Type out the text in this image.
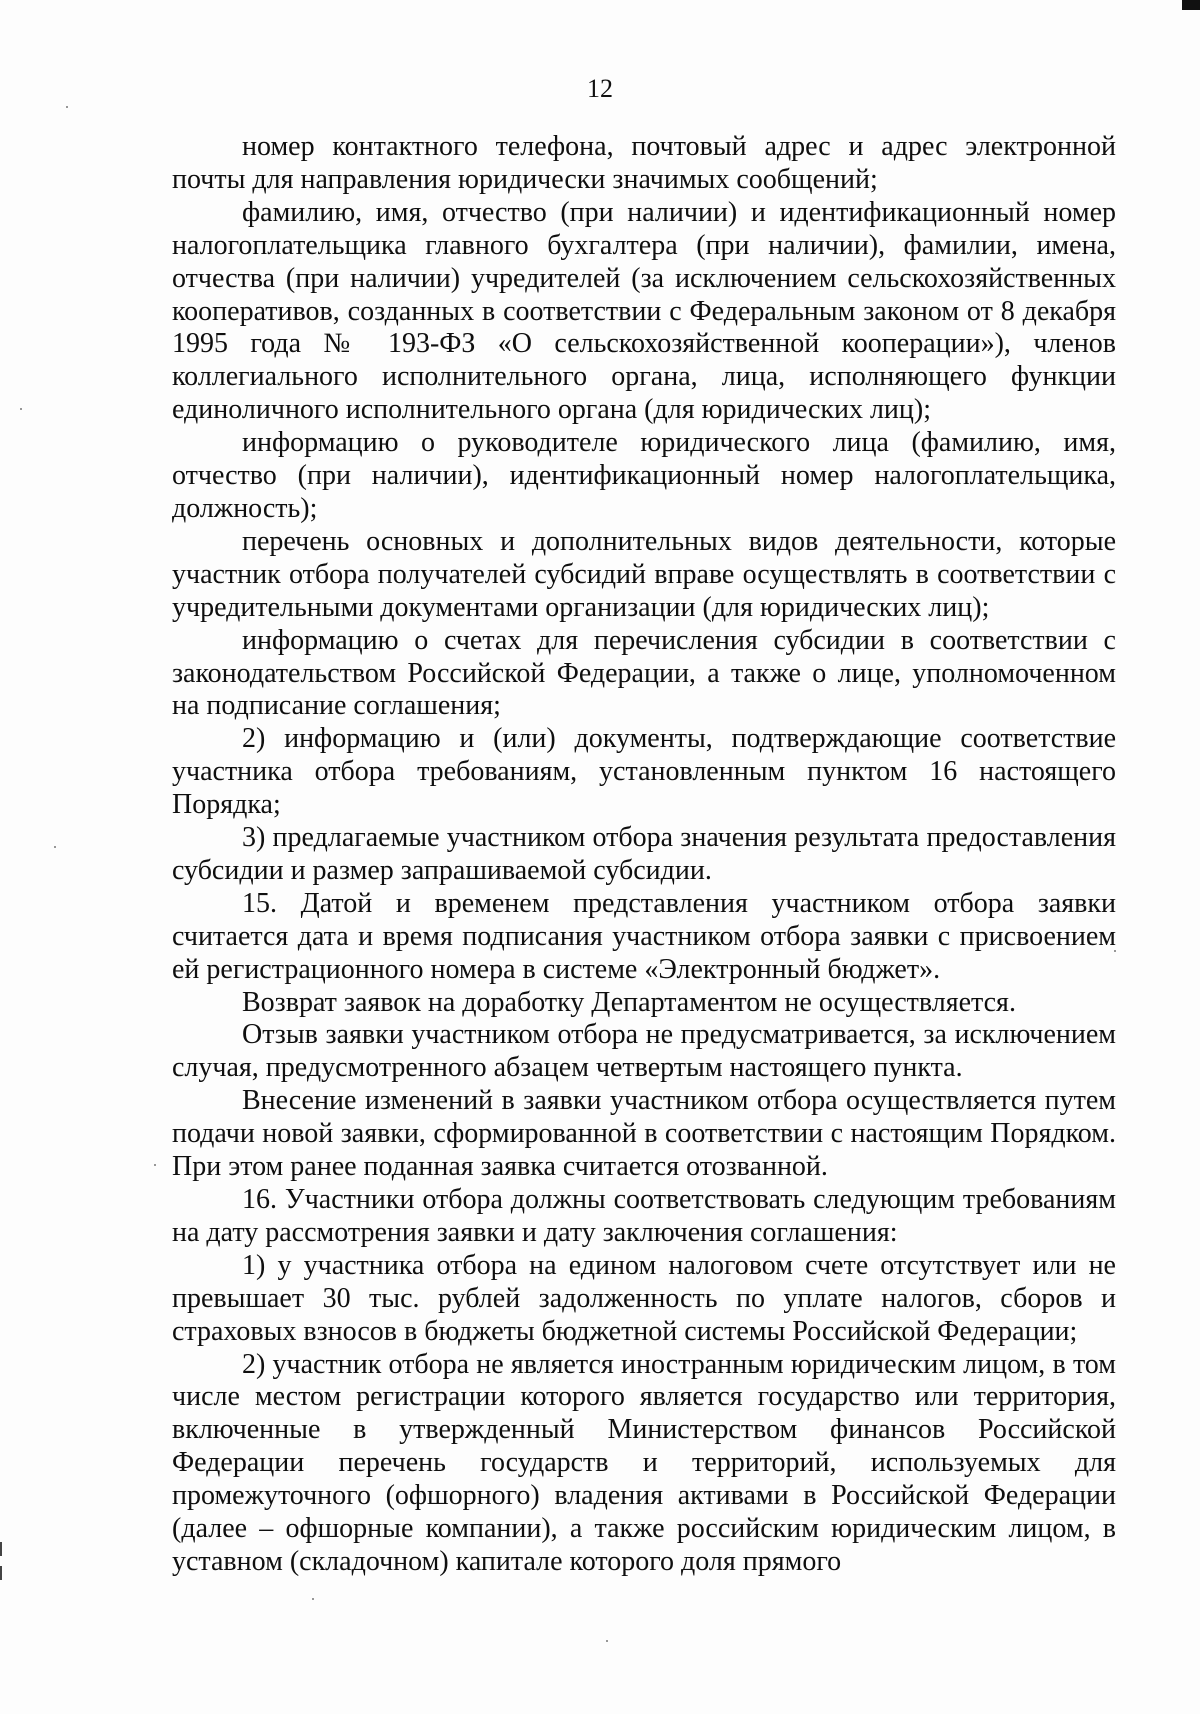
12

номер контактного телефона, почтовый адрес и адрес электронной почты для направления юридически значимых сообщений;

фамилию, имя, отчество (при наличии) и идентификационный номер налогоплательщика главного бухгалтера (при наличии), фамилии, имена, отчества (при наличии) учредителей (за исключением сельскохозяйственных кооперативов, созданных в соответствии с Федеральным законом от 8 декабря 1995 года № 193-ФЗ «О сельскохозяйственной кооперации»), членов коллегиального исполнительного органа, лица, исполняющего функции единоличного исполнительного органа (для юридических лиц);

информацию о руководителе юридического лица (фамилию, имя, отчество (при наличии), идентификационный номер налогоплательщика, должность);

перечень основных и дополнительных видов деятельности, которые участник отбора получателей субсидий вправе осуществлять в соответствии с учредительными документами организации (для юридических лиц);

информацию о счетах для перечисления субсидии в соответствии с законодательством Российской Федерации, а также о лице, уполномоченном на подписание соглашения;

2) информацию и (или) документы, подтверждающие соответствие участника отбора требованиям, установленным пунктом 16 настоящего Порядка;

3) предлагаемые участником отбора значения результата предоставления субсидии и размер запрашиваемой субсидии.

15. Датой и временем представления участником отбора заявки считается дата и время подписания участником отбора заявки с присвоением ей регистрационного номера в системе «Электронный бюджет».

Возврат заявок на доработку Департаментом не осуществляется.

Отзыв заявки участником отбора не предусматривается, за исключением случая, предусмотренного абзацем четвертым настоящего пункта.

Внесение изменений в заявки участником отбора осуществляется путем подачи новой заявки, сформированной в соответствии с настоящим Порядком. При этом ранее поданная заявка считается отозванной.

16. Участники отбора должны соответствовать следующим требованиям на дату рассмотрения заявки и дату заключения соглашения:

1) у участника отбора на едином налоговом счете отсутствует или не превышает 30 тыс. рублей задолженность по уплате налогов, сборов и страховых взносов в бюджеты бюджетной системы Российской Федерации;

2) участник отбора не является иностранным юридическим лицом, в том числе местом регистрации которого является государство или территория, включенные в утвержденный Министерством финансов Российской Федерации перечень государств и территорий, используемых для промежуточного (офшорного) владения активами в Российской Федерации (далее – офшорные компании), а также российским юридическим лицом, в уставном (складочном) капитале которого доля прямого
